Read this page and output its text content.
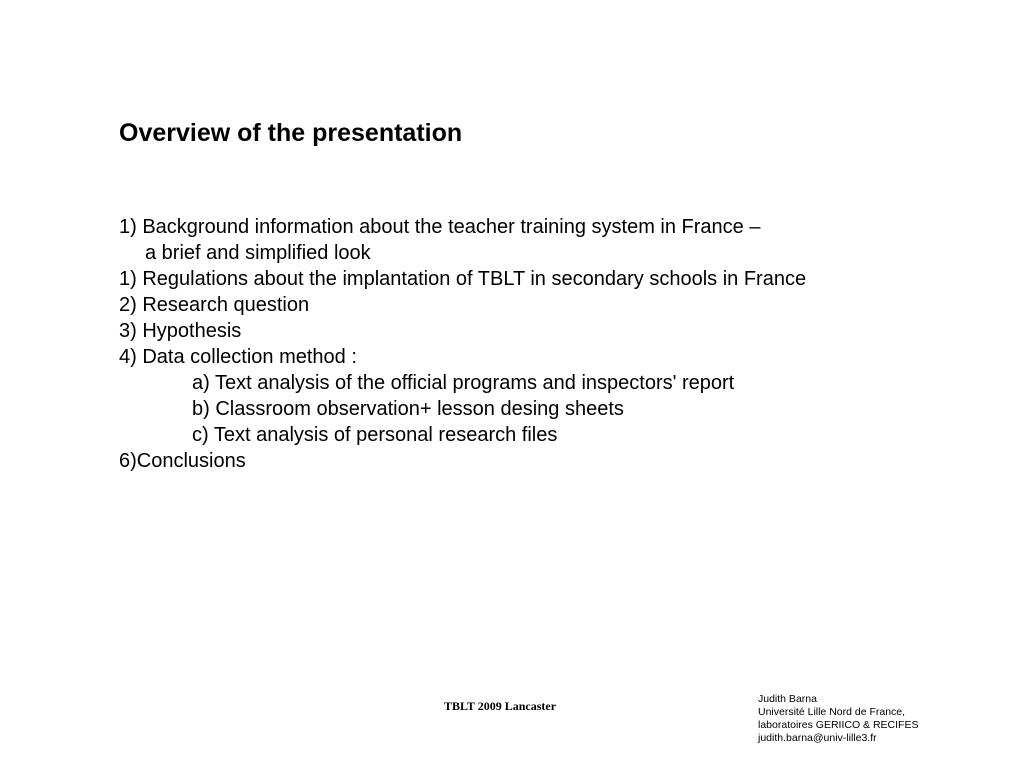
Overview of the presentation
1) Background information about the teacher training system in France –
a brief and simplified look
1) Regulations about the implantation of TBLT in secondary schools in France
2) Research question
3) Hypothesis
4) Data collection method :
a) Text analysis of the official programs and inspectors' report
b) Classroom observation+ lesson desing sheets
c) Text analysis of personal research files
6)Conclusions
TBLT 2009 Lancaster	Judith Barna
Université Lille Nord de France,
laboratoires GERIICO & RECIFES
judith.barna@univ-lille3.fr
